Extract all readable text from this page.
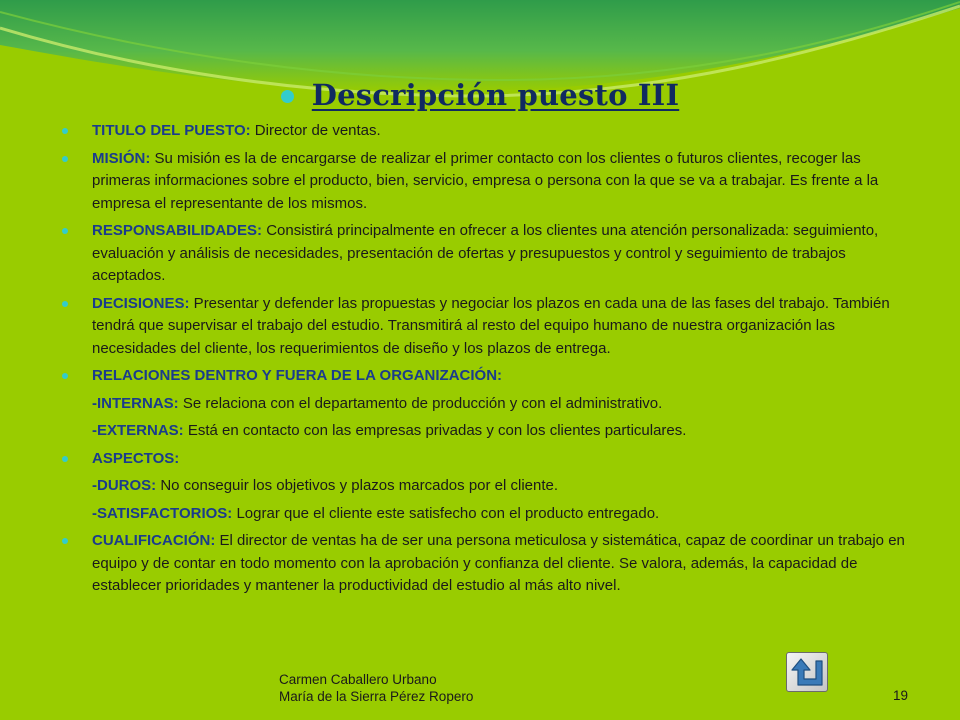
Descripción puesto III
TITULO DEL PUESTO: Director de ventas.
MISIÓN: Su misión es la de encargarse de realizar el primer contacto con los clientes o futuros clientes, recoger las primeras informaciones sobre el producto, bien, servicio, empresa o persona con la que se va a trabajar. Es frente a la empresa el representante de los mismos.
RESPONSABILIDADES: Consistirá principalmente en ofrecer a los clientes una atención personalizada: seguimiento, evaluación y análisis de necesidades, presentación de ofertas y presupuestos y control y seguimiento de trabajos aceptados.
DECISIONES: Presentar y defender las propuestas y negociar los plazos en cada una de las fases del trabajo. También tendrá que supervisar el trabajo del estudio. Transmitirá al resto del equipo humano de nuestra organización las necesidades del cliente, los requerimientos de diseño y los plazos de entrega.
RELACIONES DENTRO Y FUERA DE LA ORGANIZACIÓN:
-INTERNAS: Se relaciona con el departamento de producción y con el administrativo.
-EXTERNAS: Está en contacto con las empresas privadas y con los clientes particulares.
ASPECTOS:
-DUROS: No conseguir los objetivos y plazos marcados por el cliente.
-SATISFACTORIOS: Lograr que el cliente este satisfecho con el producto entregado.
CUALIFICACIÓN: El director de ventas ha de ser una persona meticulosa y sistemática, capaz de coordinar un trabajo en equipo y de contar en todo momento con la aprobación y confianza del cliente. Se valora, además, la capacidad de establecer prioridades y mantener la productividad del estudio al más alto nivel.
Carmen Caballero Urbano
María de la Sierra Pérez Ropero	19
